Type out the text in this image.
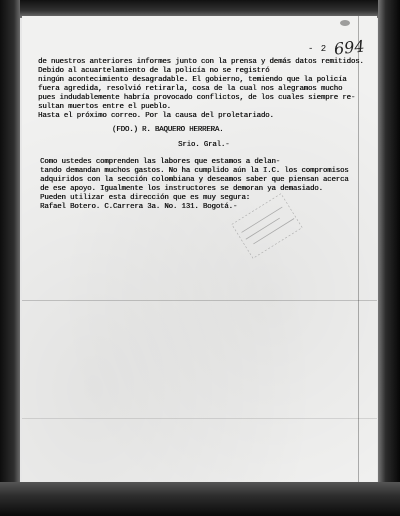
- 2 -
694
de nuestros anteriores informes junto con la prensa y demás datos remitidos.
Debido al acuartelamiento de la policía no se registró
ningún acontecimiento desagradable. El gobierno, temiendo que la policía
fuera agredida, resolvió retirarla, cosa de la cual nos alegramos mucho
pues indudablemente habría provocado conflictos, de los cuales siempre re-
sultan muertos entre el pueblo.
Hasta el próximo correo. Por la causa del proletariado.
(FDO.) R. BAQUERO HERRERA.
Srio. Gral.-
Como ustedes comprenden las labores que estamos a delan-
tando demandan muchos gastos. No ha cumplido aún la I.C. los compromisos
adquiridos con la sección colombiana y deseamos saber que piensan acerca
de ese apoyo. Igualmente los instructores se demoran ya demasiado.
Pueden utilizar esta dirección que es muy segura:
Rafael Botero. C.Carrera 3a. No. 131. Bogotá.-
